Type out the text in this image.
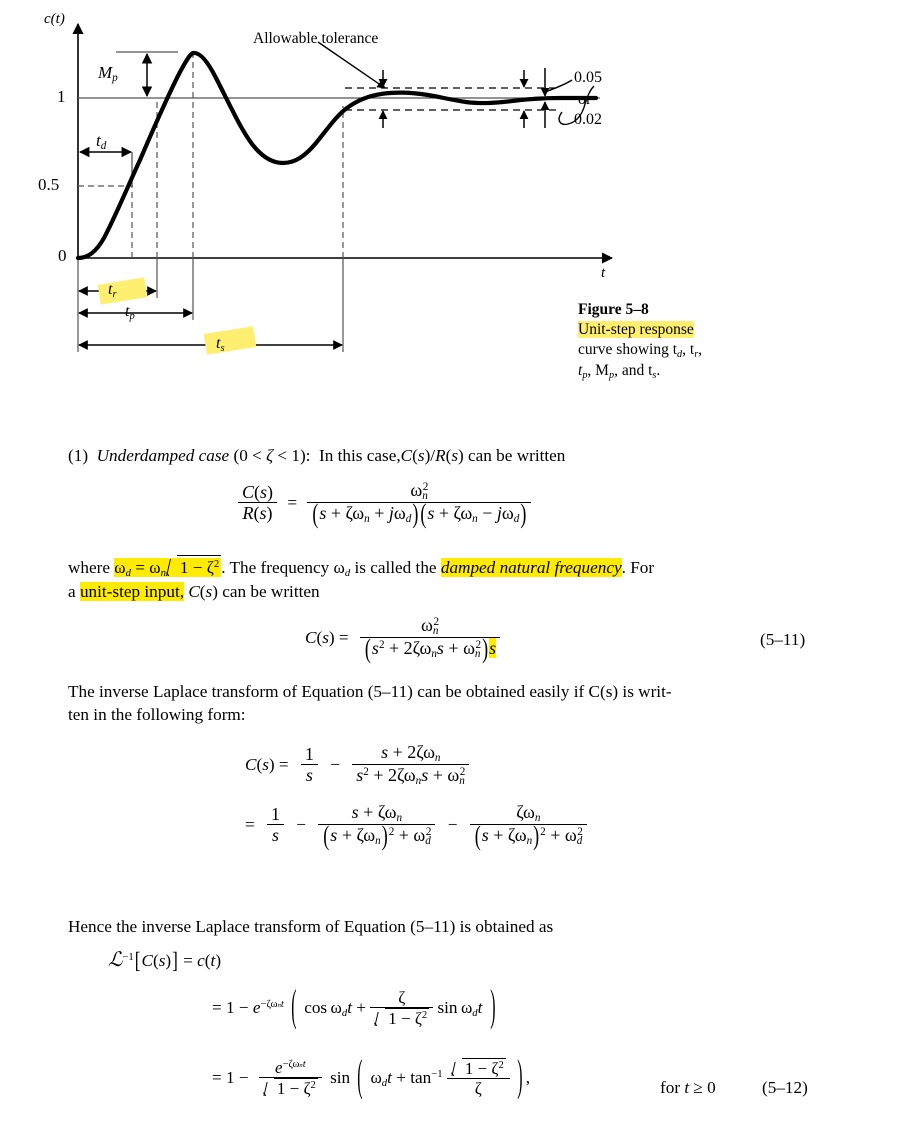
c(t)
t
1
0.5
0
$M_p$
$t_d$
$t_r$
$t_p$
$t_s$
Allowable tolerance
0.05
or
0.02
Figure 5–8
Unit-step response
curve showing $t_d$, $t_r$,
$t_p$, $M_p$, and $t_s$.
(1) Underdamped case (0 < ζ < 1): In this case,C(s)/R(s) can be written
$\frac{C(s)}{R(s)} = \frac{\omega n^2}{\text{(s + ζωn + jωd) (s + ζωn − jωd)}}$
where ωd = ωn $1 - \zeta^2$ . The frequency ωd is called the damped natural frequency. For
a unit-step input, C(s) can be written
$C(s) = \frac{\omega n^2}{(s^2 + 2\zeta\omega ns + \omega n^2)s}$	(5–11)
The inverse Laplace transform of Equation (5–11) can be obtained easily if C(s) is writ-
ten in the following form:
$C(s) = \frac{1}{s} - \frac{\text{s + 2ζωn}}{s^2 + 2\zeta\omega ns + \omega n^2}$
= $\frac{1}{s} - \frac{\text{s + ζωn}}{(s + \zeta\omega n)^2 + \omega d^2} - \frac{\text{ζωn}}{(s + \zeta\omega n)^2 + \omega d^2}$
Hence the inverse Laplace transform of Equation (5–11) is obtained as
ℒ$^{-1}$[C(s)] = c(t)
= $1 - e^{-\zeta\omega nt}$ ( $\cos \omega dt + \frac{\zeta}{1 - \zeta^2}$ sin ωdt )
= $1 - \frac{e^{-\zeta\omega nt}}{1 - \zeta^2}$ sin ( $\omega dt + \tan^{-1} \frac{1 - \zeta^2}{\zeta}$ ) ,
for t ≥ 0	(5–12)
